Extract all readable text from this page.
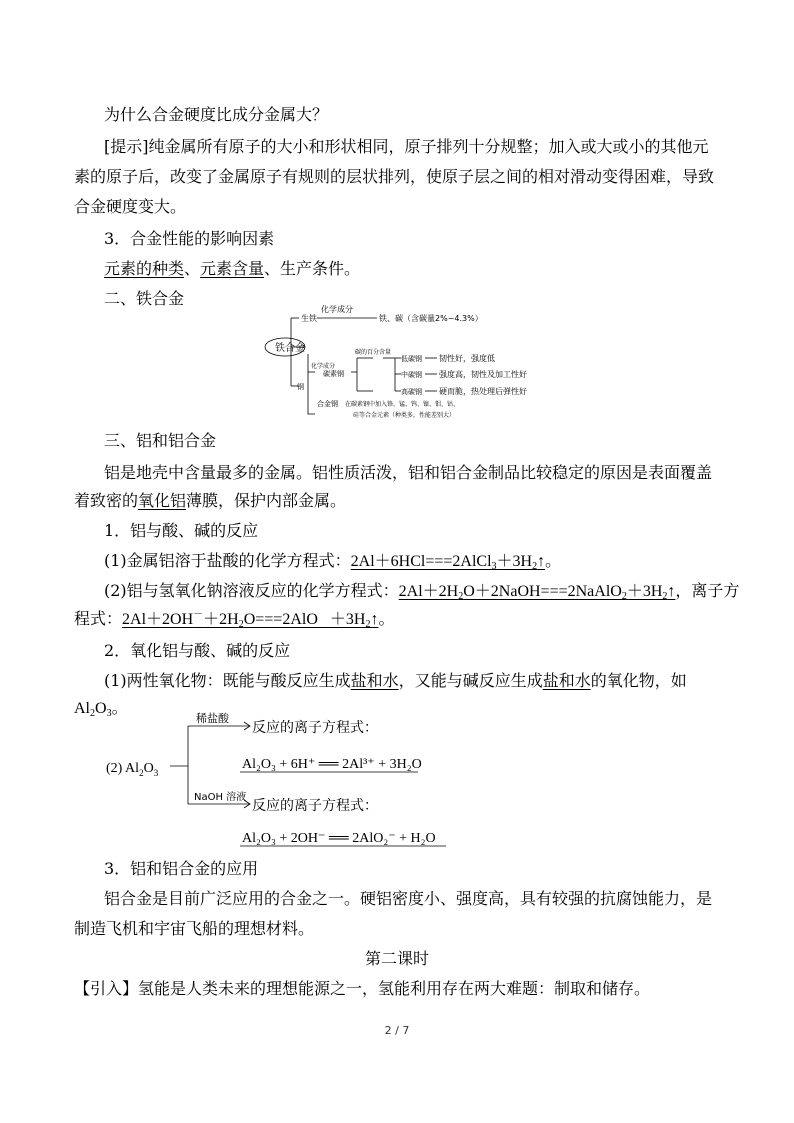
为什么合金硬度比成分金属大？
[提示]纯金属所有原子的大小和形状相同，原子排列十分规整；加入或大或小的其他元
素的原子后，改变了金属原子有规则的层状排列，使原子层之间的相对滑动变得困难，导致
合金硬度变大。
3．合金性能的影响因素
元素的种类、元素含量、生产条件。
二、铁合金
铁合金
生铁
化学成分
铁、碳（含碳量2%~4.3%）
钢
化学成分
碳素钢
碳的百分含量
低碳钢 韧性好，强度低
中碳钢 强度高，韧性及加工性好
高碳钢 硬而脆，热处理后弹性好
合金钢 在碳素钢中加入铬、锰、钨、镍、钼、钴、
硅等合金元素（种类多，性能差别大）
三、铝和铝合金
铝是地壳中含量最多的金属。铝性质活泼，铝和铝合金制品比较稳定的原因是表面覆盖
着致密的氧化铝薄膜，保护内部金属。
1．铝与酸、碱的反应
(1)金属铝溶于盐酸的化学方程式：$2Al+6HCl===2AlCl_3+3H_2↑$。
(2)铝与氢氧化钠溶液反应的化学方程式：$2Al+2H_2O+2NaOH===2NaAlO_2+3H_2↑$，离子方
程式：$2Al+2OH^-+2H_2O===2AlO$ $+3H_2↑$。
2．氧化铝与酸、碱的反应
(1)两性氧化物：既能与酸反应生成盐和水，又能与碱反应生成盐和水的氧化物，如
$Al_2O_3$。
(2) $Al_2O_3$
稀盐酸
反应的离子方程式：
Al₂O₃ + 6H⁺ ══ 2Al³⁺ + 3H₂O
NaOH 溶液
反应的离子方程式：
Al₂O₃ + 2OH⁻ ══ 2AlO₂⁻ + H₂O
3．铝和铝合金的应用
铝合金是目前广泛应用的合金之一。硬铝密度小、强度高，具有较强的抗腐蚀能力，是
制造飞机和宇宙飞船的理想材料。
第二课时
【引入】氢能是人类未来的理想能源之一，氢能利用存在两大难题：制取和储存。
2 / 7
